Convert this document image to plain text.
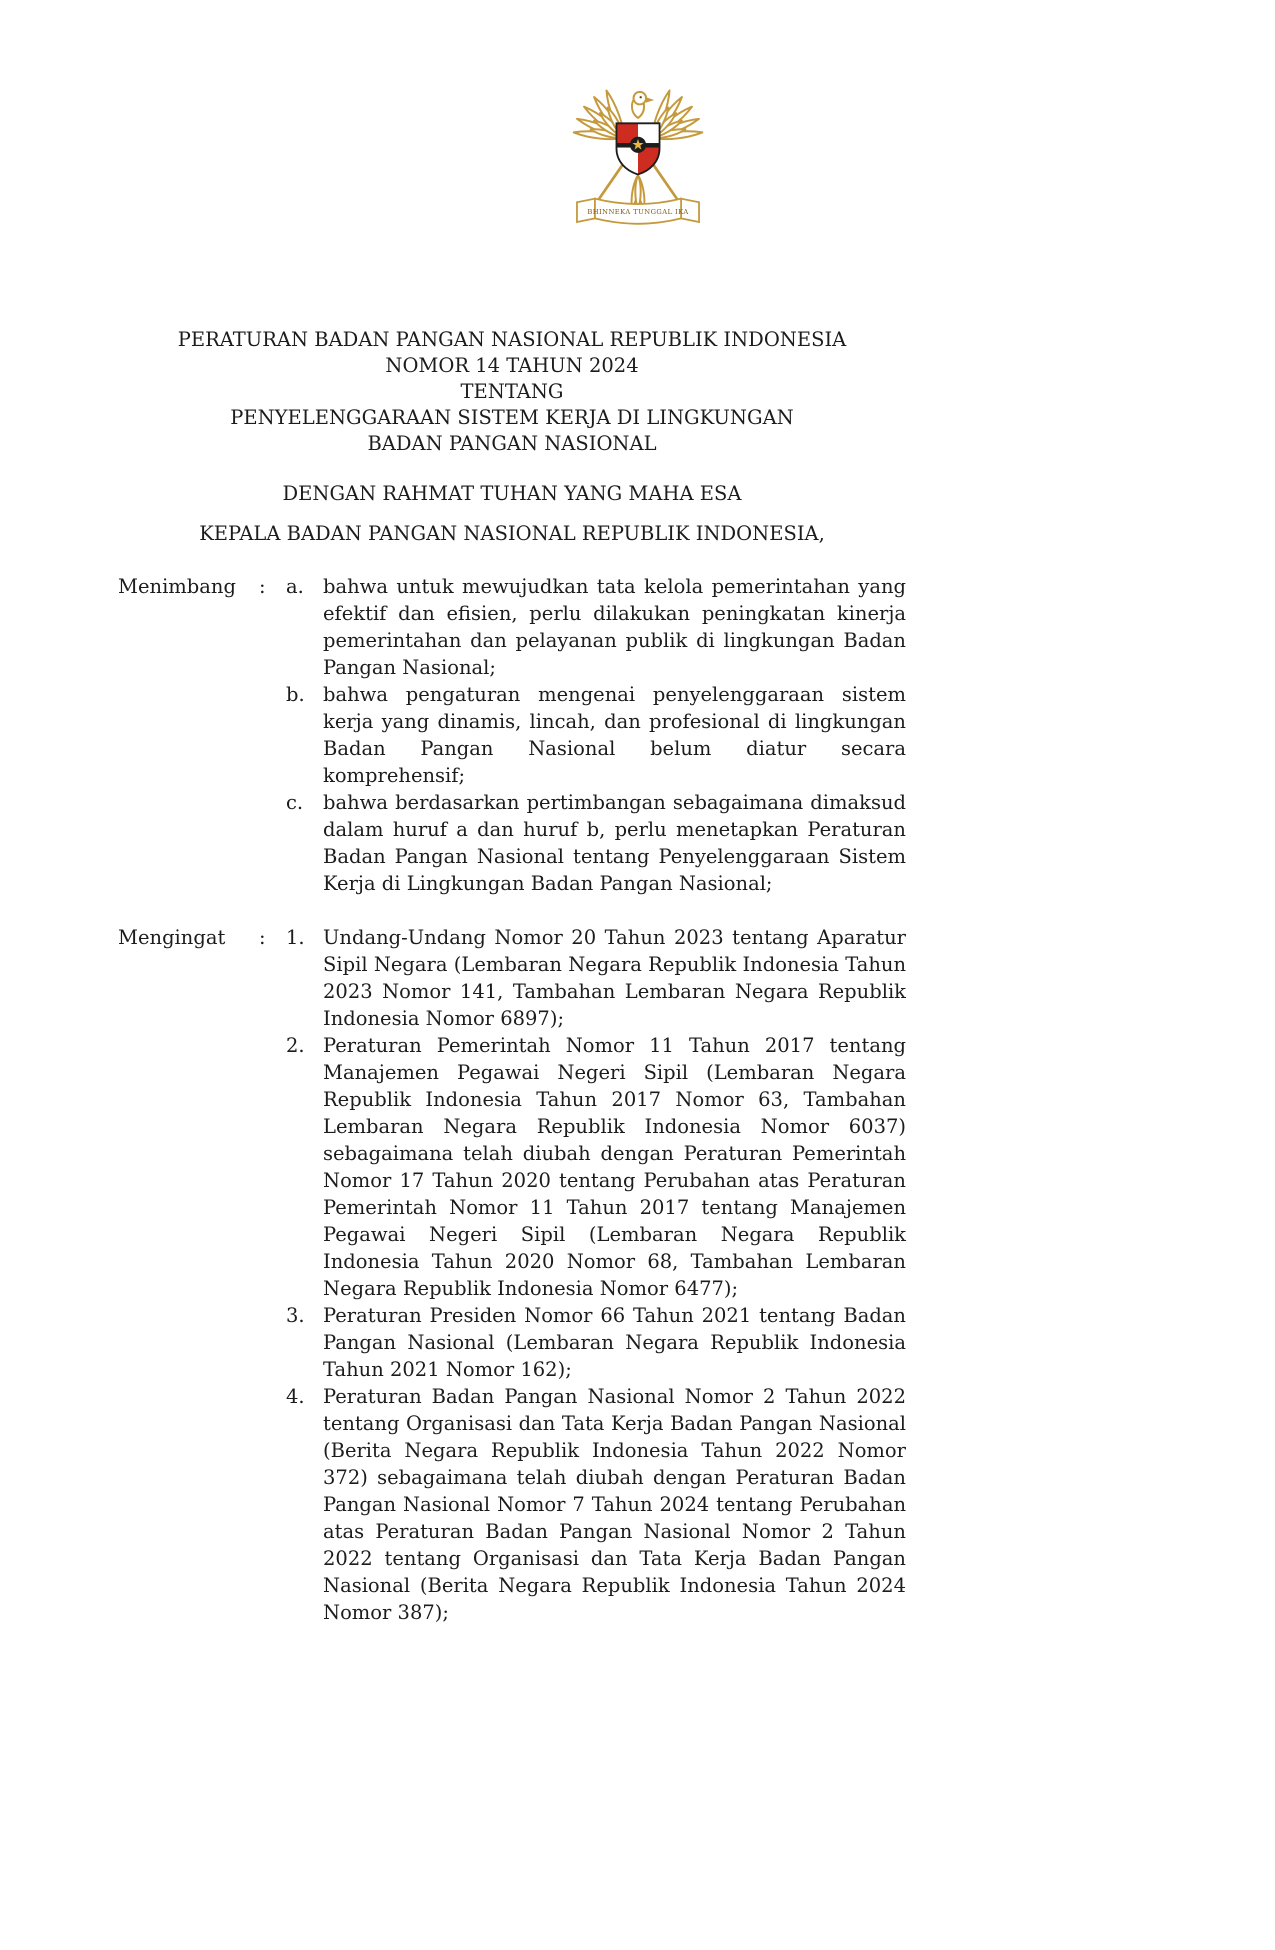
BHINNEKA TUNGGAL IKA
PERATURAN BADAN PANGAN NASIONAL REPUBLIK INDONESIA
NOMOR 14 TAHUN 2024
TENTANG
PENYELENGGARAAN SISTEM KERJA DI LINGKUNGAN
BADAN PANGAN NASIONAL
DENGAN RAHMAT TUHAN YANG MAHA ESA
KEPALA BADAN PANGAN NASIONAL REPUBLIK INDONESIA,
Menimbang	:	a. bahwa untuk mewujudkan tata kelola pemerintahan yang efektif dan efisien, perlu dilakukan peningkatan kinerja pemerintahan dan pelayanan publik di lingkungan Badan Pangan Nasional;

b. bahwa pengaturan mengenai penyelenggaraan sistem kerja yang dinamis, lincah, dan profesional di lingkungan Badan Pangan Nasional belum diatur secara komprehensif;

c.	bahwa berdasarkan pertimbangan sebagaimana dimaksud dalam huruf a dan huruf b, perlu menetapkan Peraturan Badan Pangan Nasional tentang Penyelenggaraan Sistem Kerja di Lingkungan Badan Pangan Nasional;

Mengingat	:	1. Undang-Undang Nomor 20 Tahun 2023 tentang Aparatur Sipil Negara (Lembaran Negara Republik Indonesia Tahun 2023 Nomor 141, Tambahan Lembaran Negara Republik Indonesia Nomor 6897);

2. Peraturan Pemerintah Nomor 11 Tahun 2017 tentang Manajemen Pegawai Negeri Sipil (Lembaran Negara Republik Indonesia Tahun 2017 Nomor 63, Tambahan Lembaran Negara Republik Indonesia Nomor 6037) sebagaimana telah diubah dengan Peraturan Pemerintah Nomor 17 Tahun 2020 tentang Perubahan atas Peraturan Pemerintah Nomor 11 Tahun 2017 tentang Manajemen Pegawai Negeri Sipil (Lembaran Negara Republik Indonesia Tahun 2020 Nomor 68, Tambahan Lembaran Negara Republik Indonesia Nomor 6477);

3. Peraturan Presiden Nomor 66 Tahun 2021 tentang Badan Pangan Nasional (Lembaran Negara Republik Indonesia Tahun 2021 Nomor 162);

4. Peraturan Badan Pangan Nasional Nomor 2 Tahun 2022 tentang Organisasi dan Tata Kerja Badan Pangan Nasional (Berita Negara Republik Indonesia Tahun 2022 Nomor 372) sebagaimana telah diubah dengan Peraturan Badan Pangan Nasional Nomor 7 Tahun 2024 tentang Perubahan atas Peraturan Badan Pangan Nasional Nomor 2 Tahun 2022 tentang Organisasi dan Tata Kerja Badan Pangan Nasional (Berita Negara Republik Indonesia Tahun 2024 Nomor 387);
